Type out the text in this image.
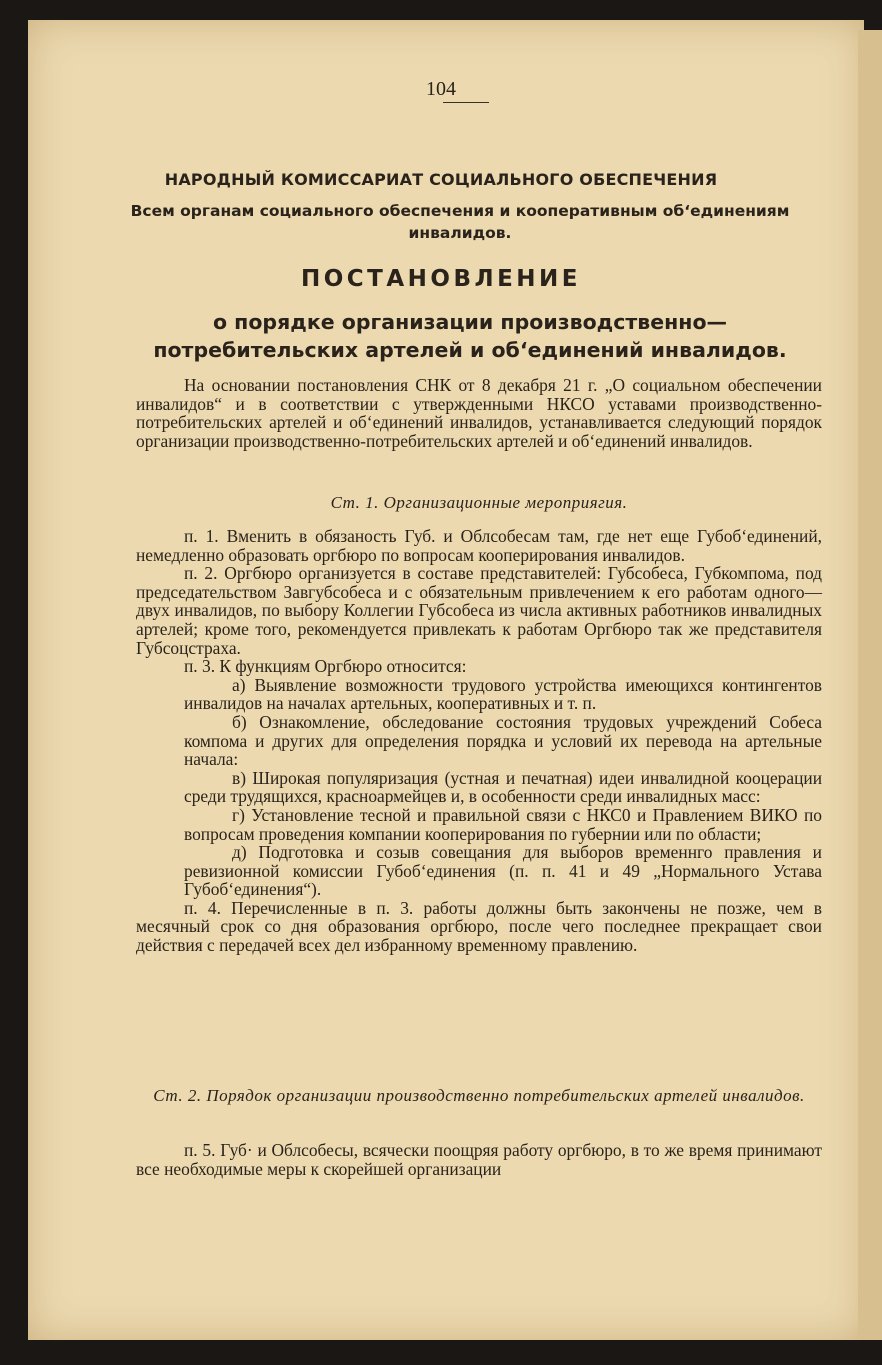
104
НАРОДНЫЙ КОМИССАРИАТ СОЦИАЛЬНОГО ОБЕСПЕЧЕНИЯ
Всем органам социального обеспечения и кооперативным об‘единениям инвалидов.
ПОСТАНОВЛЕНИЕ
о порядке организации производственно—потребительских артелей и об‘единений инвалидов.

На основании постановления СНК от 8 декабря 21 г. „О социальном обеспечении инвалидов“ и в соответствии с утвержденными НКСО уставами производственно-потребительских артелей и об‘единений инвалидов, устанавливается следующий порядок организации производственно-потребительских артелей и об‘единений инвалидов.

Ст. 1. Организационные мероприягия.

п. 1. Вменить в обязаность Губ. и Облсобесам там, где нет еще Губоб‘единений, немедленно образовать оргбюро по вопросам кооперирования инвалидов.

п. 2. Оргбюро организуется в составе представителей: Губсобеса, Губкомпома, под председательством Завгубсобеса и с обязательным привлечением к его работам одного—двух инвалидов, по выбору Коллегии Губсобеса из числа активных работников инвалидных артелей; кроме того, рекомендуется привлекать к работам Оргбюро так же представителя Губсоцстраха.

п. 3. К функциям Оргбюро относится:

а) Выявление возможности трудового устройства имеющихся контингентов инвалидов на началах артельных, кооперативных и т. п.

б) Ознакомление, обследование состояния трудовых учреждений Собеса компома и других для определения порядка и условий их перевода на артельные начала:

в) Широкая популяризация (устная и печатная) идеи инвалидной кооцерации среди трудящихся, красноармейцев и, в особенности среди инвалидных масс:

г) Установление тесной и правильной связи с НКС0 и Правлением ВИКО по вопросам проведения компании кооперирования по губернии или по области;

д) Подготовка и созыв совещания для выборов временнго правления и ревизионной комиссии Губоб‘единения (п. п. 41 и 49 „Нормального Устава Губоб‘единения“).

п. 4. Перечисленные в п. 3. работы должны быть закончены не позже, чем в месячный срок со дня образования оргбюро, после чего последнее прекращает свои действия с передачей всех дел избранному временному правлению.

Ст. 2. Порядок организации производственно потребительских артелей инвалидов.

п. 5. Губ· и Облсобесы, всячески поощряя работу оргбюро, в то же время принимают все необходимые меры к скорейшей организации
